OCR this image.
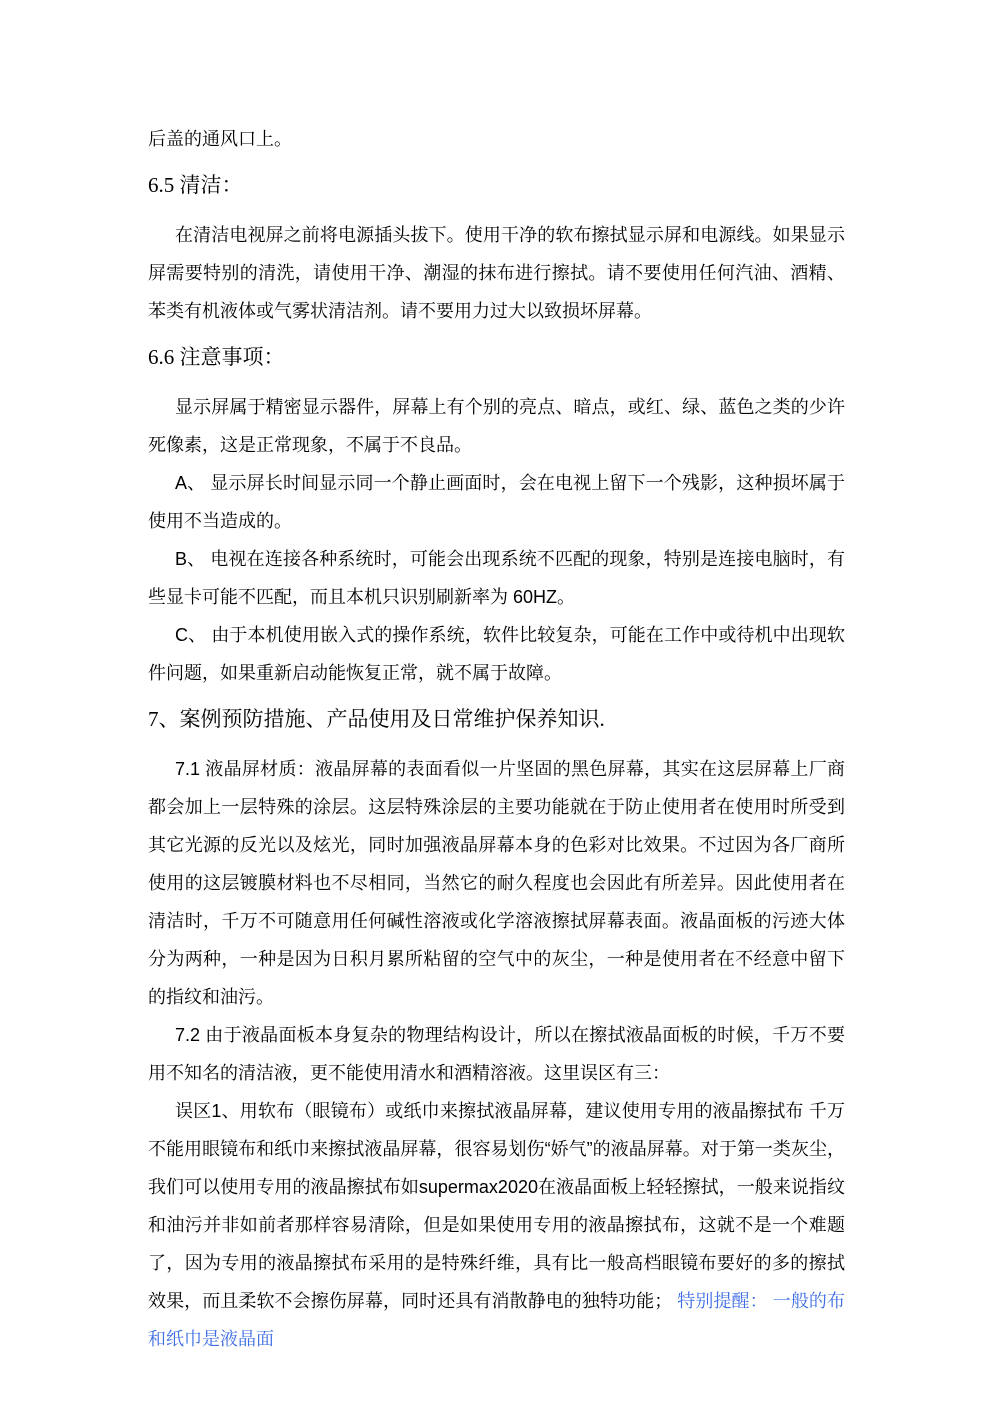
后盖的通风口上。

6.5 清洁：

在清洁电视屏之前将电源插头拔下。使用干净的软布擦拭显示屏和电源线。如果显示屏需要特别的清洗，请使用干净、潮湿的抹布进行擦拭。请不要使用任何汽油、酒精、苯类有机液体或气雾状清洁剂。请不要用力过大以致损坏屏幕。

6.6 注意事项：

显示屏属于精密显示器件，屏幕上有个别的亮点、暗点，或红、绿、蓝色之类的少许死像素，这是正常现象，不属于不良品。

A、 显示屏长时间显示同一个静止画面时，会在电视上留下一个残影，这种损坏属于使用不当造成的。

B、 电视在连接各种系统时，可能会出现系统不匹配的现象，特别是连接电脑时，有些显卡可能不匹配，而且本机只识别刷新率为 60HZ。

C、 由于本机使用嵌入式的操作系统，软件比较复杂，可能在工作中或待机中出现软件问题，如果重新启动能恢复正常，就不属于故障。

7、案例预防措施、产品使用及日常维护保养知识.

7.1 液晶屏材质：液晶屏幕的表面看似一片坚固的黑色屏幕，其实在这层屏幕上厂商都会加上一层特殊的涂层。这层特殊涂层的主要功能就在于防止使用者在使用时所受到其它光源的反光以及炫光，同时加强液晶屏幕本身的色彩对比效果。不过因为各厂商所使用的这层镀膜材料也不尽相同，当然它的耐久程度也会因此有所差异。因此使用者在清洁时，千万不可随意用任何碱性溶液或化学溶液擦拭屏幕表面。液晶面板的污迹大体分为两种，一种是因为日积月累所粘留的空气中的灰尘，一种是使用者在不经意中留下的指纹和油污。

7.2 由于液晶面板本身复杂的物理结构设计，所以在擦拭液晶面板的时候，千万不要用不知名的清洁液，更不能使用清水和酒精溶液。这里误区有三：

误区1、用软布（眼镜布）或纸巾来擦拭液晶屏幕，建议使用专用的液晶擦拭布 千万不能用眼镜布和纸巾来擦拭液晶屏幕，很容易划伤“娇气”的液晶屏幕。对于第一类灰尘，我们可以使用专用的液晶擦拭布如supermax2020在液晶面板上轻轻擦拭，一般来说指纹和油污并非如前者那样容易清除，但是如果使用专用的液晶擦拭布，这就不是一个难题了，因为专用的液晶擦拭布采用的是特殊纤维，具有比一般高档眼镜布要好的多的擦拭效果，而且柔软不会擦伤屏幕，同时还具有消散静电的独特功能； 特别提醒： 一般的布和纸巾是液晶面
